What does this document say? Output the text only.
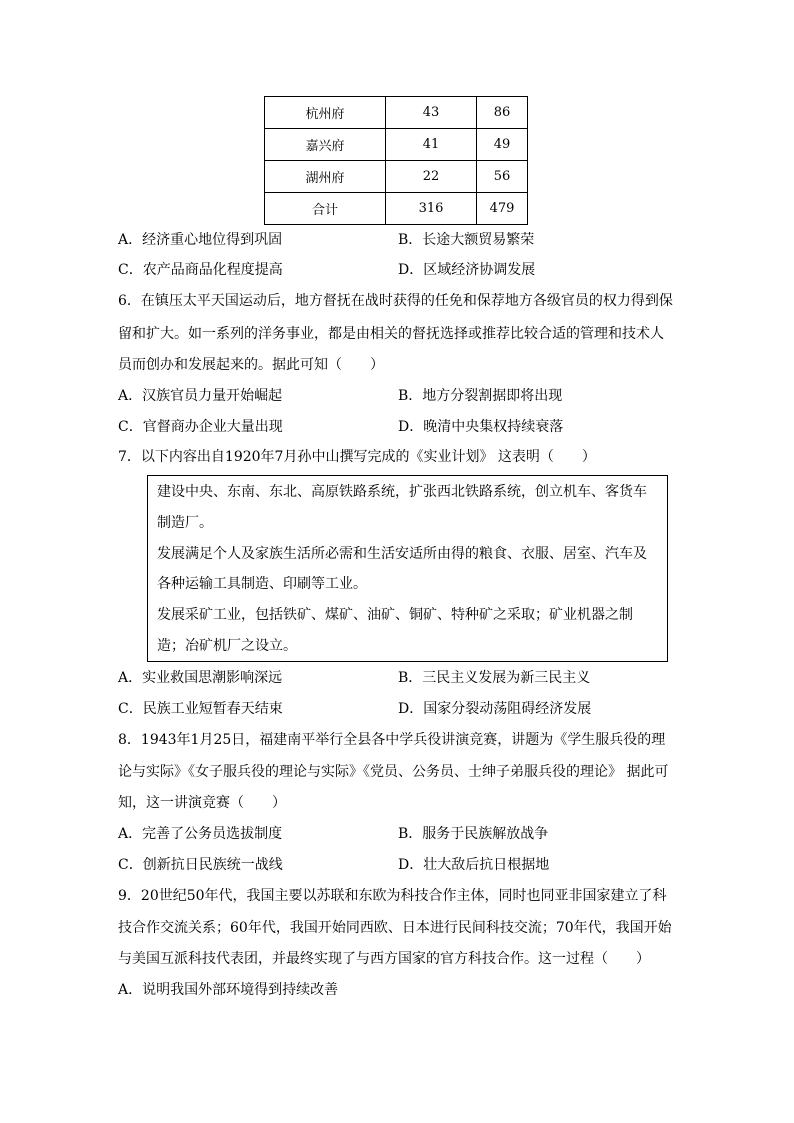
杭州府	43	86
嘉兴府	41	49
湖州府	22	56
合计	316	479
A．经济重心地位得到巩固	B．长途大额贸易繁荣
C．农产品商品化程度提高	D．区域经济协调发展
6．在镇压太平天国运动后，地方督抚在战时获得的任免和保荐地方各级官员的权力得到保
留和扩大。如一系列的洋务事业，都是由相关的督抚选择或推荐比较合适的管理和技术人
员而创办和发展起来的。据此可知（　　）
A．汉族官员力量开始崛起	B．地方分裂割据即将出现
C．官督商办企业大量出现	D．晚清中央集权持续衰落
7．以下内容出自1920年7月孙中山撰写完成的《实业计划》 这表明（　　）
建设中央、东南、东北、高原铁路系统，扩张西北铁路系统，创立机车、客货车
制造厂。
发展满足个人及家族生活所必需和生活安适所由得的粮食、衣服、居室、汽车及
各种运输工具制造、印刷等工业。
发展采矿工业，包括铁矿、煤矿、油矿、铜矿、特种矿之采取；矿业机器之制
造；冶矿机厂之设立。
A．实业救国思潮影响深远	B．三民主义发展为新三民主义
C．民族工业短暂春天结束	D．国家分裂动荡阻碍经济发展
8．1943年1月25日，福建南平举行全县各中学兵役讲演竞赛，讲题为《学生服兵役的理
论与实际》《女子服兵役的理论与实际》《党员、公务员、士绅子弟服兵役的理论》 据此可
知，这一讲演竞赛（　　）
A．完善了公务员选拔制度	B．服务于民族解放战争
C．创新抗日民族统一战线	D．壮大敌后抗日根据地
9．20世纪50年代，我国主要以苏联和东欧为科技合作主体，同时也同亚非国家建立了科
技合作交流关系；60年代，我国开始同西欧、日本进行民间科技交流；70年代，我国开始
与美国互派科技代表团，并最终实现了与西方国家的官方科技合作。这一过程（　　）
A．说明我国外部环境得到持续改善
